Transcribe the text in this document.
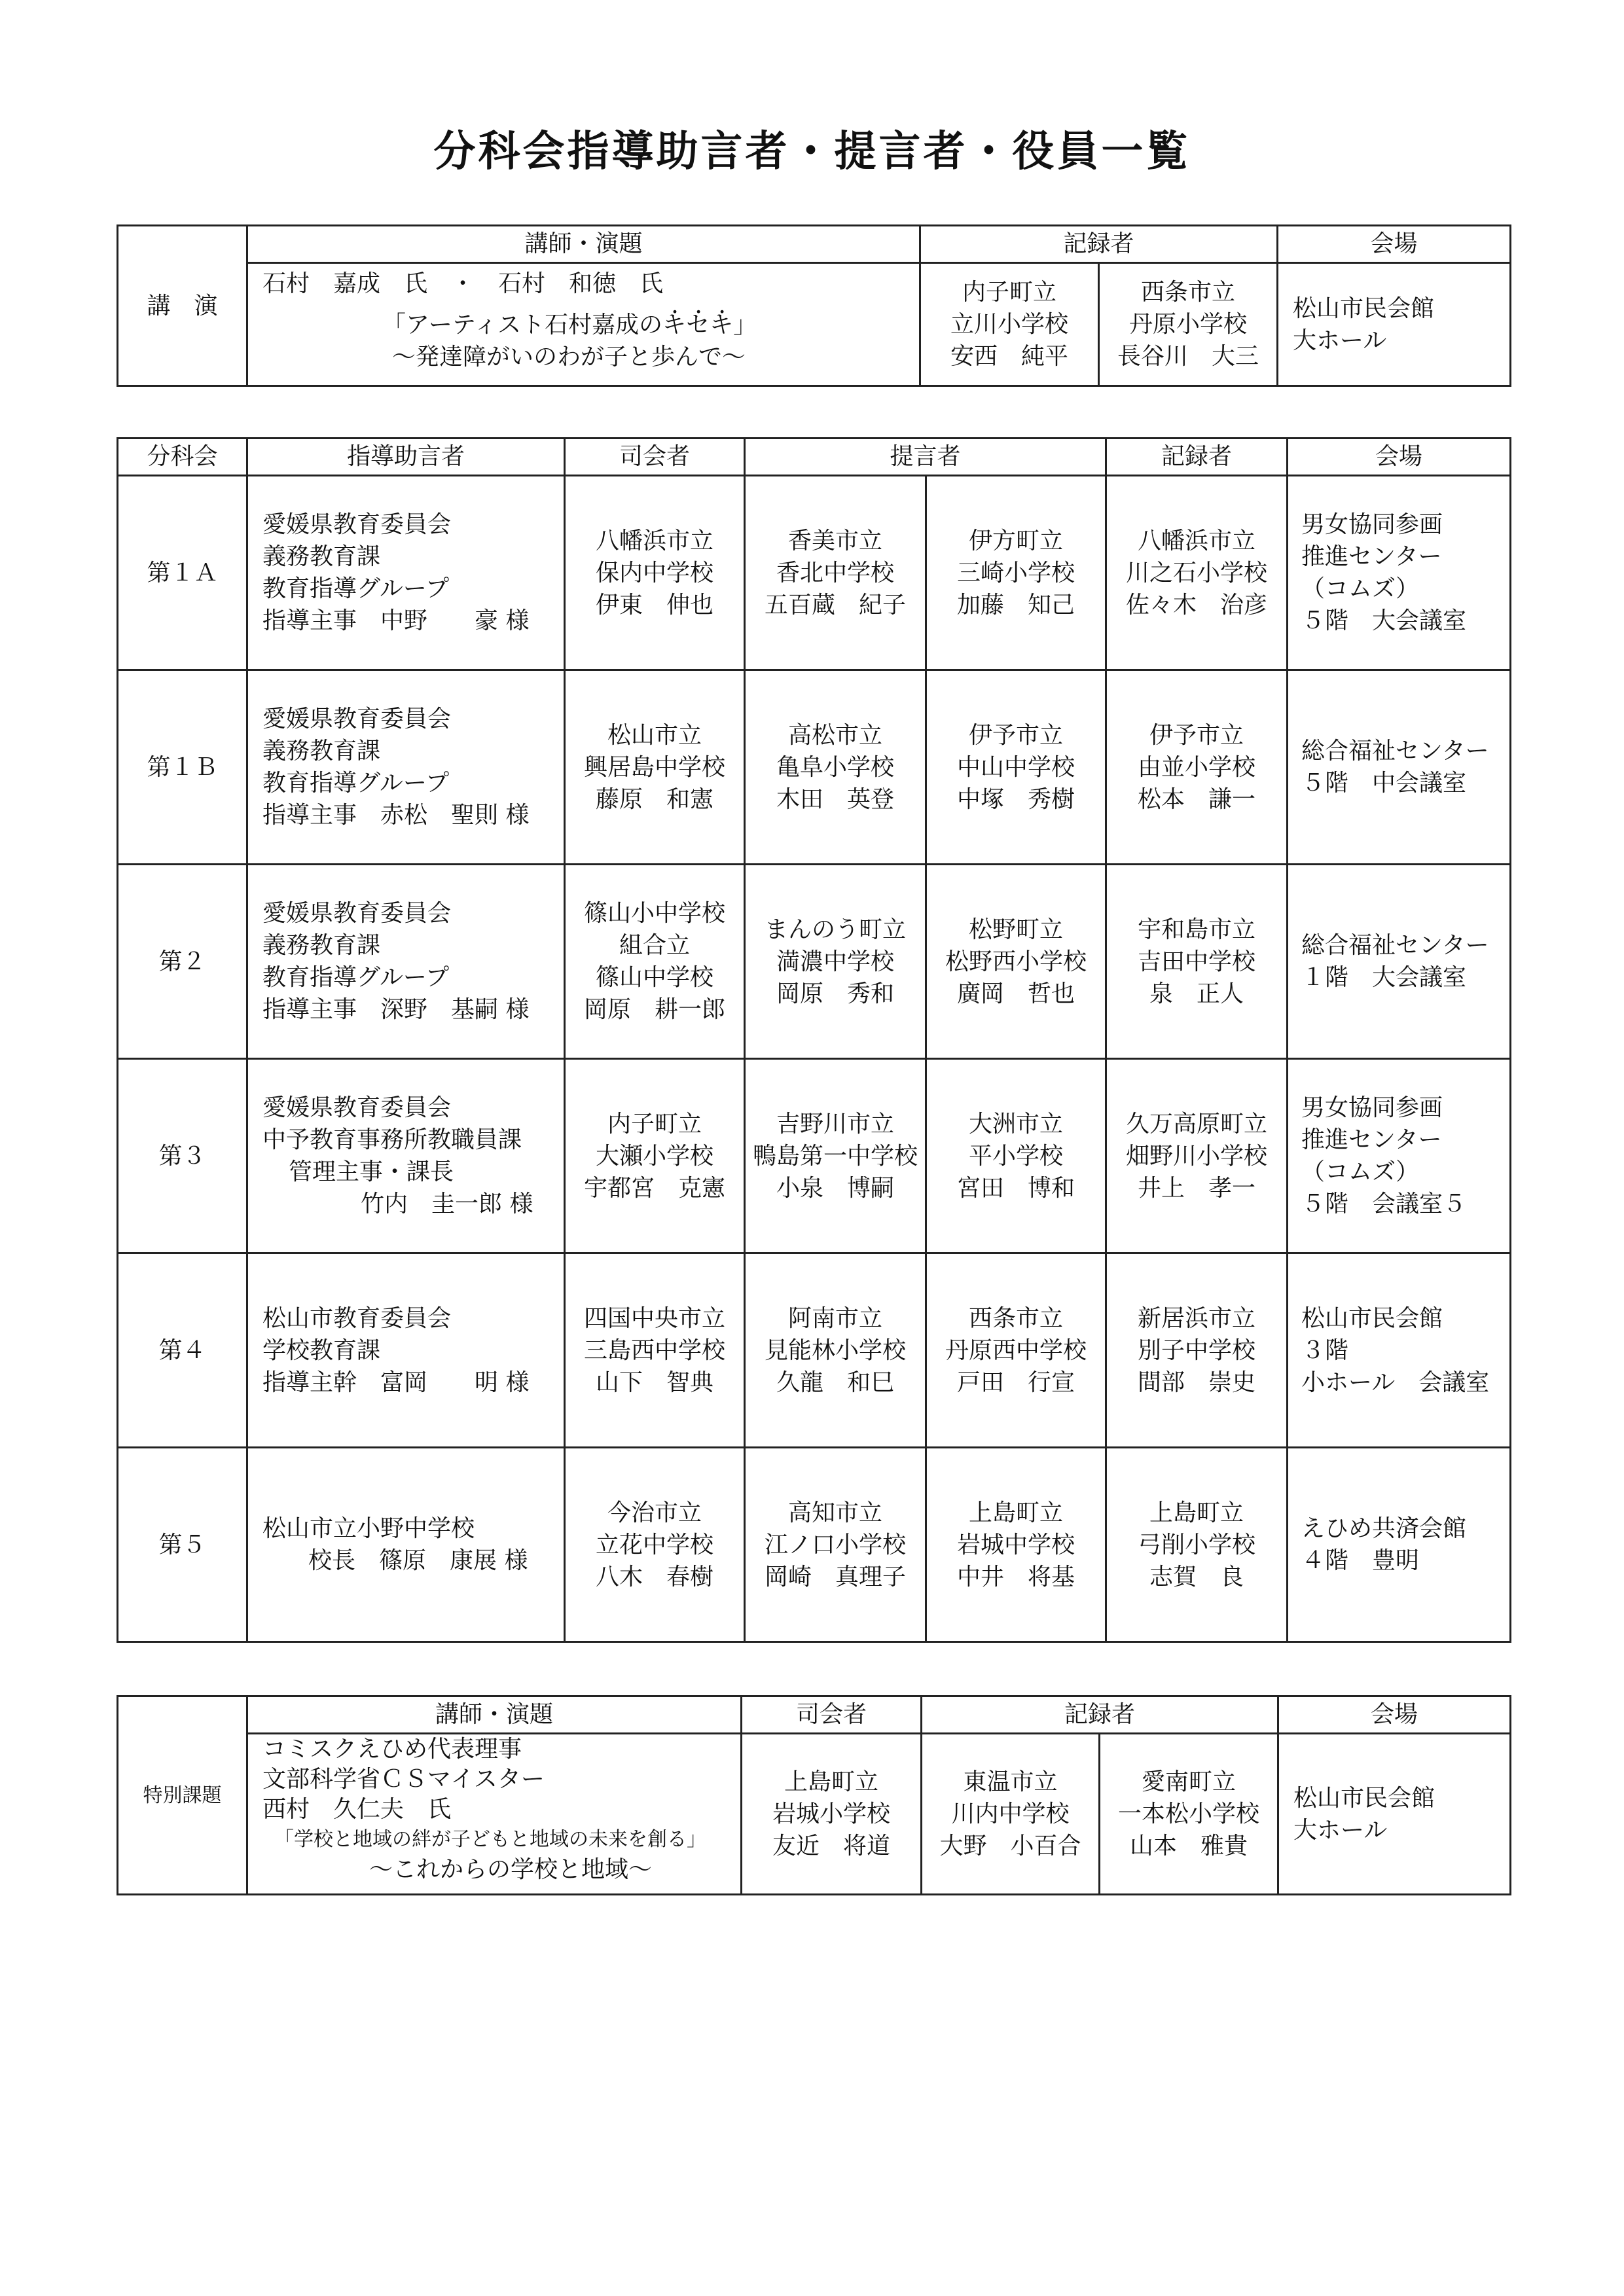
分科会指導助言者・提言者・役員一覧
講　演	講師・演題	記録者		会場

	石村　嘉成　氏　・　石村　和徳　氏
「アーティスト石村嘉成の・ キ・ セ・ キ」
～発達障がいのわが子と歩んで～	内子町立
立川小学校
安西　純平	西条市立
丹原小学校
長谷川　大三	松山市民会館
大ホール
分科会	指導助言者	司会者	提言者		記録者	会場
第１Ａ	愛媛県教育委員会
義務教育課
教育指導グループ
指導主事　中野　　豪 様	八幡浜市立
保内中学校
伊東　伸也	香美市立
香北中学校
五百蔵　紀子	伊方町立
三崎小学校
加藤　知己	八幡浜市立
川之石小学校
佐々木　治彦	男女協同参画
推進センター
（コムズ）
５階　大会議室

第１Ｂ	愛媛県教育委員会
義務教育課
教育指導グループ
指導主事　赤松　聖則 様	松山市立
興居島中学校
藤原　和憲	高松市立
亀阜小学校
木田　英登	伊予市立
中山中学校
中塚　秀樹	伊予市立
由並小学校
松本　謙一	総合福祉センター
５階　中会議室

第２	愛媛県教育委員会
義務教育課
教育指導グループ
指導主事　深野　基嗣 様	篠山小中学校
組合立
篠山中学校
岡原　耕一郎	まんのう町立
満濃中学校
岡原　秀和	松野町立
松野西小学校
廣岡　哲也	宇和島市立
吉田中学校
泉　正人	総合福祉センター
１階　大会議室

第３	愛媛県教育委員会
中予教育事務所教職員課
管理主事・課長
竹内　圭一郎 様	内子町立
大瀬小学校
宇都宮　克憲	吉野川市立
鴨島第一中学校
小泉　博嗣	大洲市立
平小学校
宮田　博和	久万高原町立
畑野川小学校
井上　孝一	男女協同参画
推進センター
（コムズ）
５階　会議室５

第４	松山市教育委員会
学校教育課
指導主幹　富岡　　明 様	四国中央市立
三島西中学校
山下　智典	阿南市立
見能林小学校
久龍　和巳	西条市立
丹原西中学校
戸田　行宣	新居浜市立
別子中学校
間部　崇史	松山市民会館
３階
小ホール　会議室

第５	松山市立小野中学校
校長　篠原　康展 様	今治市立
立花中学校
八木　春樹	高知市立
江ノ口小学校
岡崎　真理子	上島町立
岩城中学校
中井　将基	上島町立
弓削小学校
志賀　良	えひめ共済会館
４階　豊明
特別課題	講師・演題	司会者	記録者		会場

	コミスクえひめ代表理事
文部科学省ＣＳマイスター
西村　久仁夫　氏
「学校と地域の絆が子どもと地域の未来を創る」
～これからの学校と地域～	上島町立
岩城小学校
友近　将道	東温市立
川内中学校
大野　小百合	愛南町立
一本松小学校
山本　雅貴	松山市民会館
大ホール
